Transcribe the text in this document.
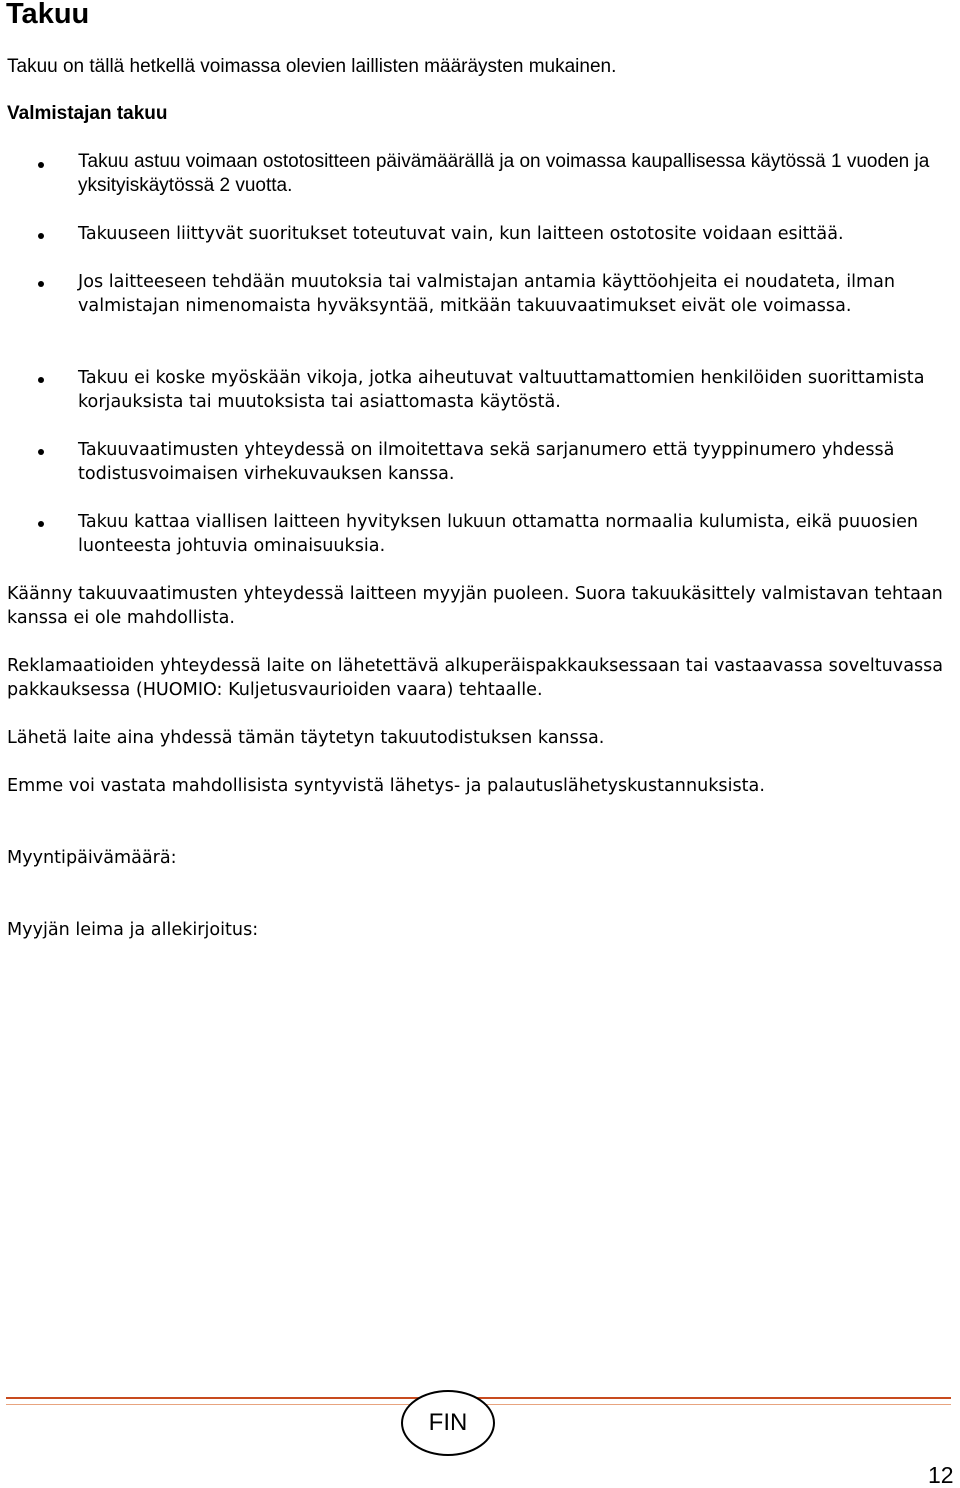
Takuu

Takuu on tällä hetkellä voimassa olevien laillisten määräysten mukainen.

Valmistajan takuu

Takuu astuu voimaan ostotositteen päivämäärällä ja on voimassa kaupallisessa käytössä 1 vuoden ja yksityiskäytössä 2 vuotta.

Takuuseen liittyvät suoritukset toteutuvat vain, kun laitteen ostotosite voidaan esittää.

Jos laitteeseen tehdään muutoksia tai valmistajan antamia käyttöohjeita ei noudateta, ilman valmistajan nimenomaista hyväksyntää, mitkään takuuvaatimukset eivät ole voimassa.

Takuu ei koske myöskään vikoja, jotka aiheutuvat valtuuttamattomien henkilöiden suorittamista korjauksista tai muutoksista tai asiattomasta käytöstä.

Takuuvaatimusten yhteydessä on ilmoitettava sekä sarjanumero että tyyppinumero yhdessä todistusvoimaisen virhekuvauksen kanssa.

Takuu kattaa viallisen laitteen hyvityksen lukuun ottamatta normaalia kulumista, eikä puuosien luonteesta johtuvia ominaisuuksia.

Käänny takuuvaatimusten yhteydessä laitteen myyjän puoleen. Suora takuukäsittely valmistavan tehtaan kanssa ei ole mahdollista.

Reklamaatioiden yhteydessä laite on lähetettävä alkuperäispakkauksessaan tai vastaavassa soveltuvassa pakkauksessa (HUOMIO: Kuljetusvaurioiden vaara) tehtaalle.

Lähetä laite aina yhdessä tämän täytetyn takuutodistuksen kanssa.

Emme voi vastata mahdollisista syntyvistä lähetys- ja palautuslähetyskustannuksista.

Myyntipäivämäärä:

Myyjän leima ja allekirjoitus:

FIN
12
